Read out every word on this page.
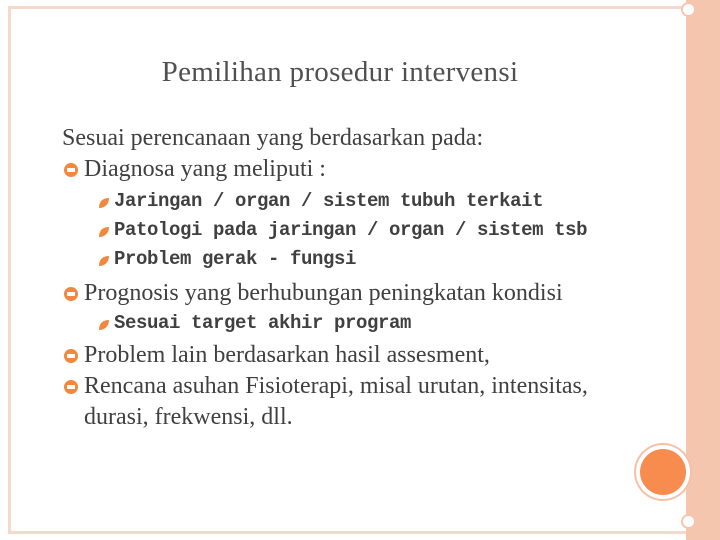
Pemilihan prosedur intervensi
Sesuai perencanaan yang berdasarkan pada:
Diagnosa yang meliputi :
Jaringan / organ / sistem tubuh terkait
Patologi pada jaringan / organ / sistem tsb
Problem gerak - fungsi
Prognosis yang berhubungan peningkatan kondisi
Sesuai target akhir program
Problem lain berdasarkan hasil assesment,
Rencana asuhan Fisioterapi, misal urutan, intensitas,
durasi, frekwensi, dll.
